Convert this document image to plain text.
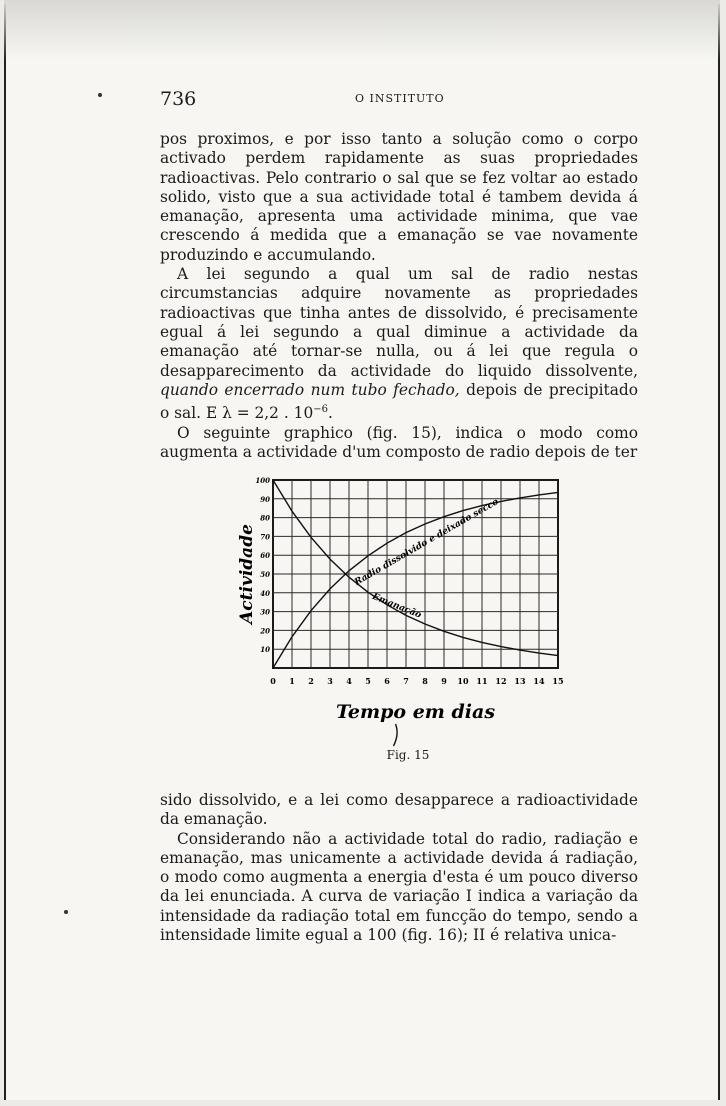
736	O INSTITUTO

pos proximos, e por isso tanto a solução como o corpo activado perdem rapidamente as suas propriedades radioactivas. Pelo contrario o sal que se fez voltar ao estado solido, visto que a sua actividade total é tambem devida á emanação, apresenta uma actividade minima, que vae crescendo á medida que a emanação se vae novamente produzindo e accumulando.

A lei segundo a qual um sal de radio nestas circumstancias adquire novamente as propriedades radioactivas que tinha antes de dissolvido, é precisamente egual á lei segundo a qual diminue a actividade da emanação até tornar-se nulla, ou á lei que regula o desapparecimento da actividade do liquido dissolvente, quando encerrado num tubo fechado, depois de precipitado o sal. E λ = 2,2 . $10^{-6}$.

O seguinte graphico (fig. 15), indica o modo como augmenta a actividade d'um composto de radio depois de ter

0 1 2 3 4 5 6 7 8 9 10 11 12 13 14 15
10
20
30
40
50
60
70
80
90
100
Radio dissolvido e deixado secco
Emanação
Actividade
Tempo em dias
Fig. 15

sido dissolvido, e a lei como desapparece a radioactividade da emanação.

Considerando não a actividade total do radio, radiação e emanação, mas unicamente a actividade devida á radiação, o modo como augmenta a energia d'esta é um pouco diverso da lei enunciada. A curva de variação I indica a variação da intensidade da radiação total em funcção do tempo, sendo a intensidade limite egual a 100 (fig. 16); II é relativa unica-
